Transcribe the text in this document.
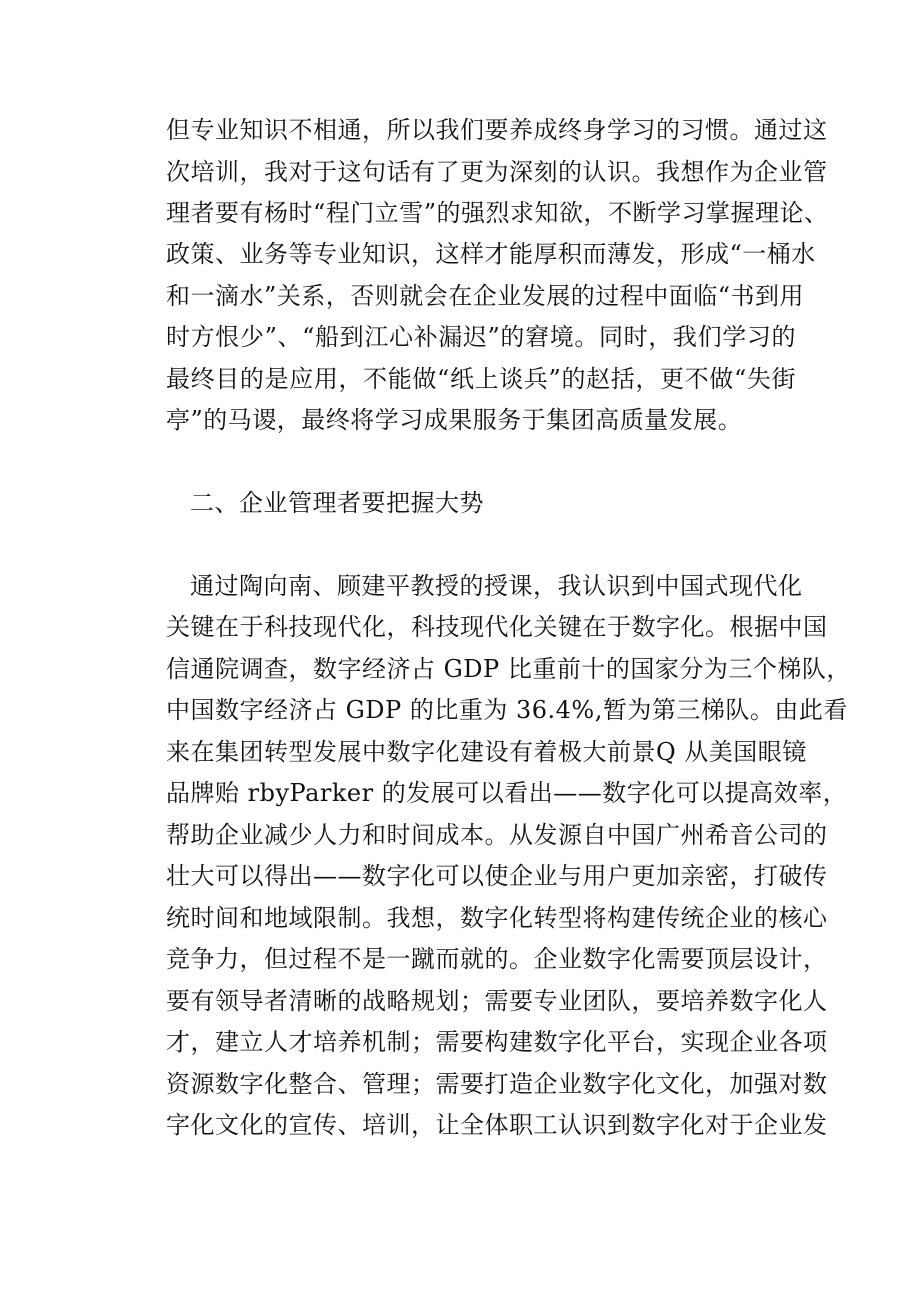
但专业知识不相通，所以我们要养成终身学习的习惯。通过这

次培训，我对于这句话有了更为深刻的认识。我想作为企业管

理者要有杨时“程门立雪”的强烈求知欲，不断学习掌握理论、

政策、业务等专业知识，这样才能厚积而薄发，形成“一桶水

和一滴水”关系，否则就会在企业发展的过程中面临“书到用

时方恨少”、“船到江心补漏迟”的窘境。同时，我们学习的

最终目的是应用，不能做“纸上谈兵”的赵括，更不做“失街

亭”的马谡，最终将学习成果服务于集团高质量发展。

二、企业管理者要把握大势

通过陶向南、顾建平教授的授课，我认识到中国式现代化

关键在于科技现代化，科技现代化关键在于数字化。根据中国

信通院调查，数字经济占 GDP 比重前十的国家分为三个梯队，

中国数字经济占 GDP 的比重为 36.4%,暂为第三梯队。由此看

来在集团转型发展中数字化建设有着极大前景Q 从美国眼镜

品牌贻 rbyParker 的发展可以看出——数字化可以提高效率，

帮助企业减少人力和时间成本。从发源自中国广州希音公司的

壮大可以得出——数字化可以使企业与用户更加亲密，打破传

统时间和地域限制。我想，数字化转型将构建传统企业的核心

竞争力，但过程不是一蹴而就的。企业数字化需要顶层设计，

要有领导者清晰的战略规划；需要专业团队，要培养数字化人

才，建立人才培养机制；需要构建数字化平台，实现企业各项

资源数字化整合、管理；需要打造企业数字化文化，加强对数

字化文化的宣传、培训，让全体职工认识到数字化对于企业发
